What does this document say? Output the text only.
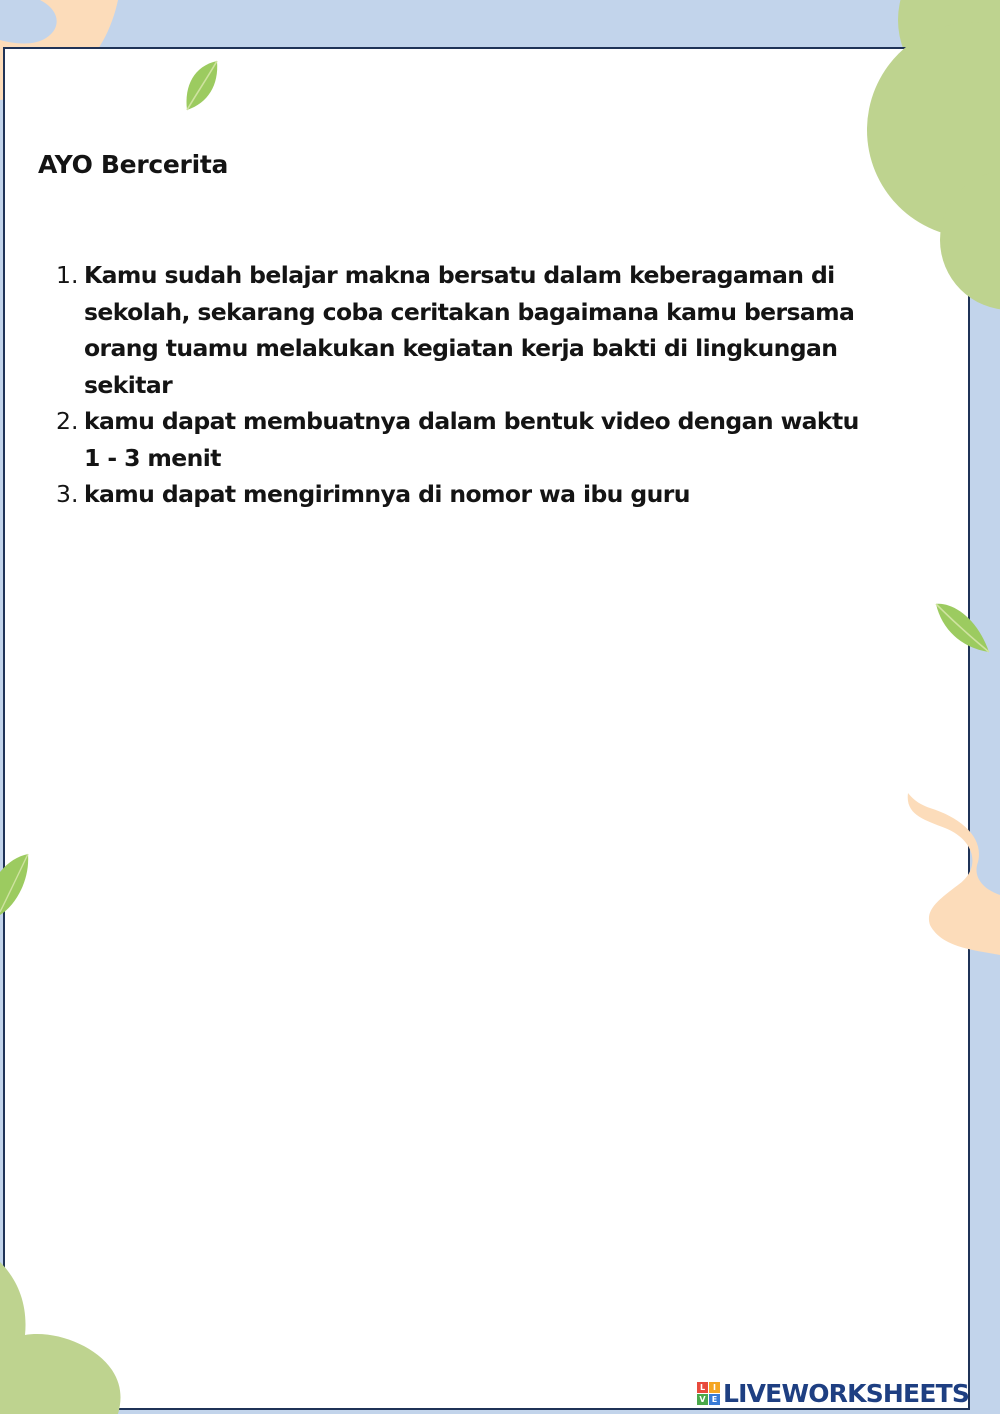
AYO Bercerita
1. Kamu sudah belajar makna bersatu dalam keberagaman di
sekolah, sekarang coba ceritakan bagaimana kamu bersama
orang tuamu melakukan kegiatan kerja bakti di lingkungan
sekitar
2. kamu dapat membuatnya dalam bentuk video dengan waktu
1 - 3 menit
3. kamu dapat mengirimnya di nomor wa ibu guru
L I
V E LIVEWORKSHEETS
